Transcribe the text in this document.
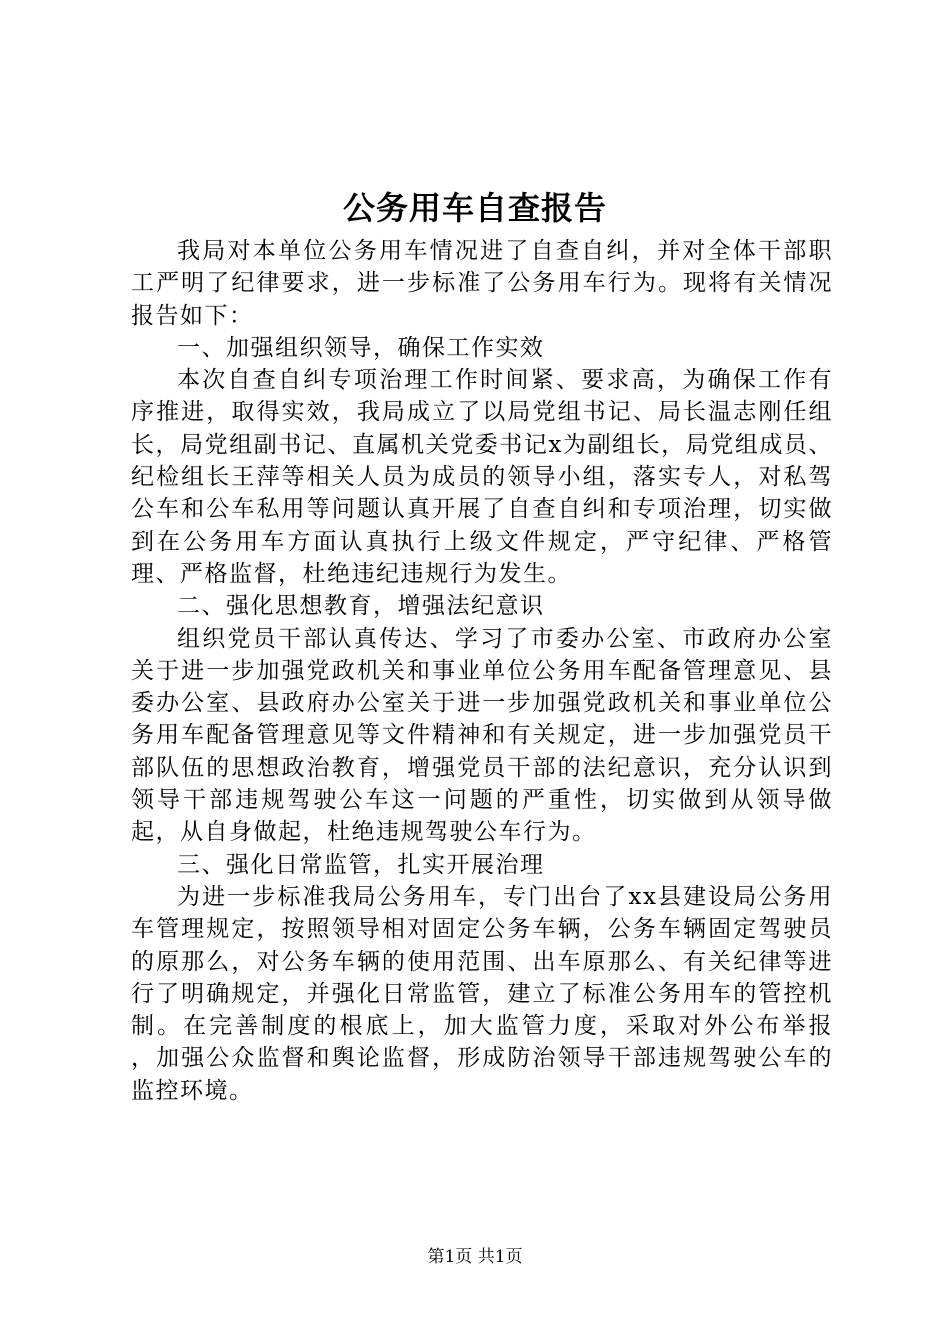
公务用车自查报告

我局对本单位公务用车情况进了自查自纠，并对全体干部职工严明了纪律要求，进一步标准了公务用车行为。现将有关情况报告如下：

一、加强组织领导，确保工作实效

本次自查自纠专项治理工作时间紧、要求高，为确保工作有序推进，取得实效，我局成立了以局党组书记、局长温志刚任组长，局党组副书记、直属机关党委书记x为副组长，局党组成员、纪检组长王萍等相关人员为成员的领导小组，落实专人，对私驾公车和公车私用等问题认真开展了自查自纠和专项治理，切实做到在公务用车方面认真执行上级文件规定，严守纪律、严格管理、严格监督，杜绝违纪违规行为发生。

二、强化思想教育，增强法纪意识

组织党员干部认真传达、学习了市委办公室、市政府办公室关于进一步加强党政机关和事业单位公务用车配备管理意见、县委办公室、县政府办公室关于进一步加强党政机关和事业单位公务用车配备管理意见等文件精神和有关规定，进一步加强党员干部队伍的思想政治教育，增强党员干部的法纪意识，充分认识到领导干部违规驾驶公车这一问题的严重性，切实做到从领导做起，从自身做起，杜绝违规驾驶公车行为。

三、强化日常监管，扎实开展治理

为进一步标准我局公务用车，专门出台了xx县建设局公务用车管理规定，按照领导相对固定公务车辆，公务车辆固定驾驶员的原那么，对公务车辆的使用范围、出车原那么、有关纪律等进行了明确规定，并强化日常监管，建立了标准公务用车的管控机制。在完善制度的根底上，加大监管力度，采取对外公布举报　 ，加强公众监督和舆论监督，形成防治领导干部违规驾驶公车的监控环境。

第1页 共1页
